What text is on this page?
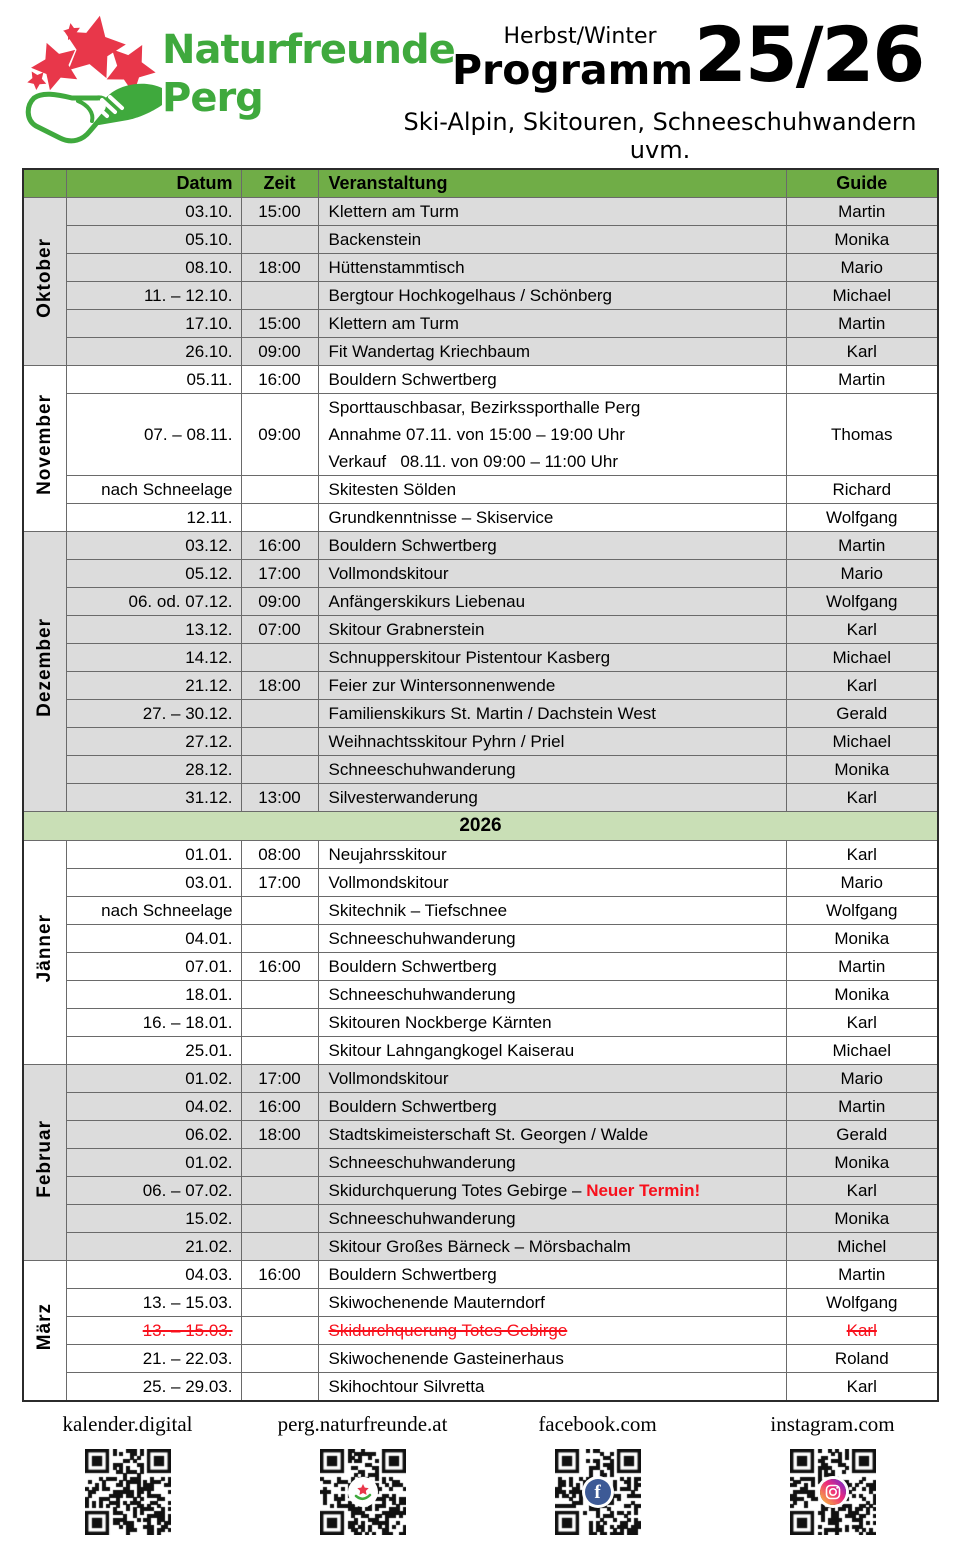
Naturfreunde
Perg
Herbst/Winter
Programm 25/26
Ski-Alpin, Skitouren, Schneeschuhwandern uvm.
	Datum	Zeit	Veranstaltung	Guide
Oktober	03.10.	15:00	Klettern am Turm	Martin
	05.10.		Backenstein	Monika
	08.10.	18:00	Hüttenstammtisch	Mario
	11. – 12.10.		Bergtour Hochkogelhaus / Schönberg	Michael
	17.10.	15:00	Klettern am Turm	Martin
	26.10.	09:00	Fit Wandertag Kriechbaum	Karl
November	05.11.	16:00	Bouldern Schwertberg	Martin
	07. – 08.11.	09:00	Sporttauschbasar, Bezirkssporthalle Perg
Annahme 07.11. von 15:00 – 19:00 Uhr
Verkauf   08.11. von 09:00 – 11:00 Uhr	Thomas
	nach Schneelage		Skitesten Sölden	Richard
	12.11.		Grundkenntnisse – Skiservice	Wolfgang
Dezember	03.12.	16:00	Bouldern Schwertberg	Martin
	05.12.	17:00	Vollmondskitour	Mario
	06. od. 07.12.	09:00	Anfängerskikurs Liebenau	Wolfgang
	13.12.	07:00	Skitour Grabnerstein	Karl
	14.12.		Schnupperskitour Pistentour Kasberg	Michael
	21.12.	18:00	Feier zur Wintersonnenwende	Karl
	27. – 30.12.		Familienskikurs St. Martin / Dachstein West	Gerald
	27.12.		Weihnachtsskitour Pyhrn / Priel	Michael
	28.12.		Schneeschuhwanderung	Monika
	31.12.	13:00	Silvesterwanderung	Karl
2026				
Jänner	01.01.	08:00	Neujahrsskitour	Karl
	03.01.	17:00	Vollmondskitour	Mario
	nach Schneelage		Skitechnik – Tiefschnee	Wolfgang
	04.01.		Schneeschuhwanderung	Monika
	07.01.	16:00	Bouldern Schwertberg	Martin
	18.01.		Schneeschuhwanderung	Monika
	16. – 18.01.		Skitouren Nockberge Kärnten	Karl
	25.01.		Skitour Lahngangkogel Kaiserau	Michael
Februar	01.02.	17:00	Vollmondskitour	Mario
	04.02.	16:00	Bouldern Schwertberg	Martin
	06.02.	18:00	Stadtskimeisterschaft St. Georgen / Walde	Gerald
	01.02.		Schneeschuhwanderung	Monika
	06. – 07.02.		Skidurchquerung Totes Gebirge – Neuer Termin!	Karl
	15.02.		Schneeschuhwanderung	Monika
	21.02.		Skitour Großes Bärneck – Mörsbachalm	Michel
März	04.03.	16:00	Bouldern Schwertberg	Martin
	13. – 15.03.		Skiwochenende Mauterndorf	Wolfgang
	13. – 15.03.		Skidurchquerung Totes Gebirge	Karl
	21. – 22.03.		Skiwochenende Gasteinerhaus	Roland
	25. – 29.03.		Skihochtour Silvretta	Karl
kalender.digital	perg.naturfreunde.at	facebook.com
f
instagram.com
